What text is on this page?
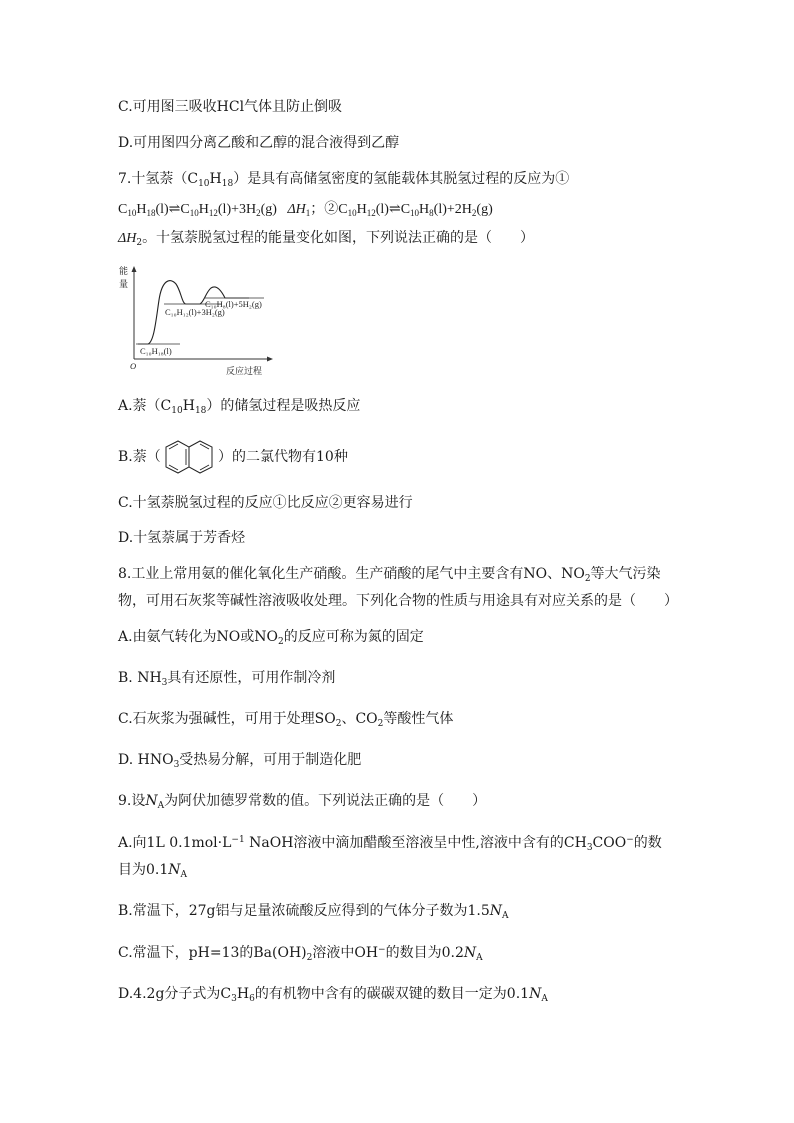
C.可用图三吸收HCl气体且防止倒吸
D.可用图四分离乙酸和乙醇的混合液得到乙醇
7.十氢萘$(C_{10}H_{18})$是具有高储氢密度的氢能载体其脱氢过程的反应为①
$C_{10}H_{18}(l)\rightleftharpoons C_{10}H_{12}(l)+3H_2(g)$ $\Delta H_1$；$②C_{10}H_{12}(l)\rightleftharpoons C_{10}H_8(l)+2H_2(g)$
$\Delta H_2$。十氢萘脱氢过程的能量变化如图，下列说法正确的是（　　）
能
量
O
反应过程
C₁₀H₁₈(l)
C₁₀H₁₂(l)+3H₂(g)
C₁₀H₈(l)+5H₂(g)
A.萘$(C_{10}H_{18})$的储氢过程是吸热反应
B.萘（	）的二氯代物有10种
C.十氢萘脱氢过程的反应①比反应②更容易进行
D.十氢萘属于芳香烃
8.工业上常用氨的催化氧化生产硝酸。生产硝酸的尾气中主要含有NO、$NO_2$等大气污染
物，可用石灰浆等碱性溶液吸收处理。下列化合物的性质与用途具有对应关系的是（　　）
A.由氨气转化为NO或$NO_2$的反应可称为氮的固定
B. $NH_3$具有还原性，可用作制冷剂
C.石灰浆为强碱性，可用于处理$SO_2$、$CO_2$等酸性气体
D. $HNO_3$受热易分解，可用于制造化肥
9.设$N_A$为阿伏加德罗常数的值。下列说法正确的是（　　）
A.向1L $0.1mol\cdot L^{-1}$ NaOH溶液中滴加醋酸至溶液呈中性,溶液中含有的$CH_3COO^-$的数
目为$0.1N_A$
B.常温下，27g铝与足量浓硫酸反应得到的气体分子数为$1.5N_A$
C.常温下，pH=13的$Ba(OH)_2$溶液中OH−的数目为$0.2N_A$
D.4.2g分子式为$C_3H_6$的有机物中含有的碳碳双键的数目一定为$0.1N_A$
